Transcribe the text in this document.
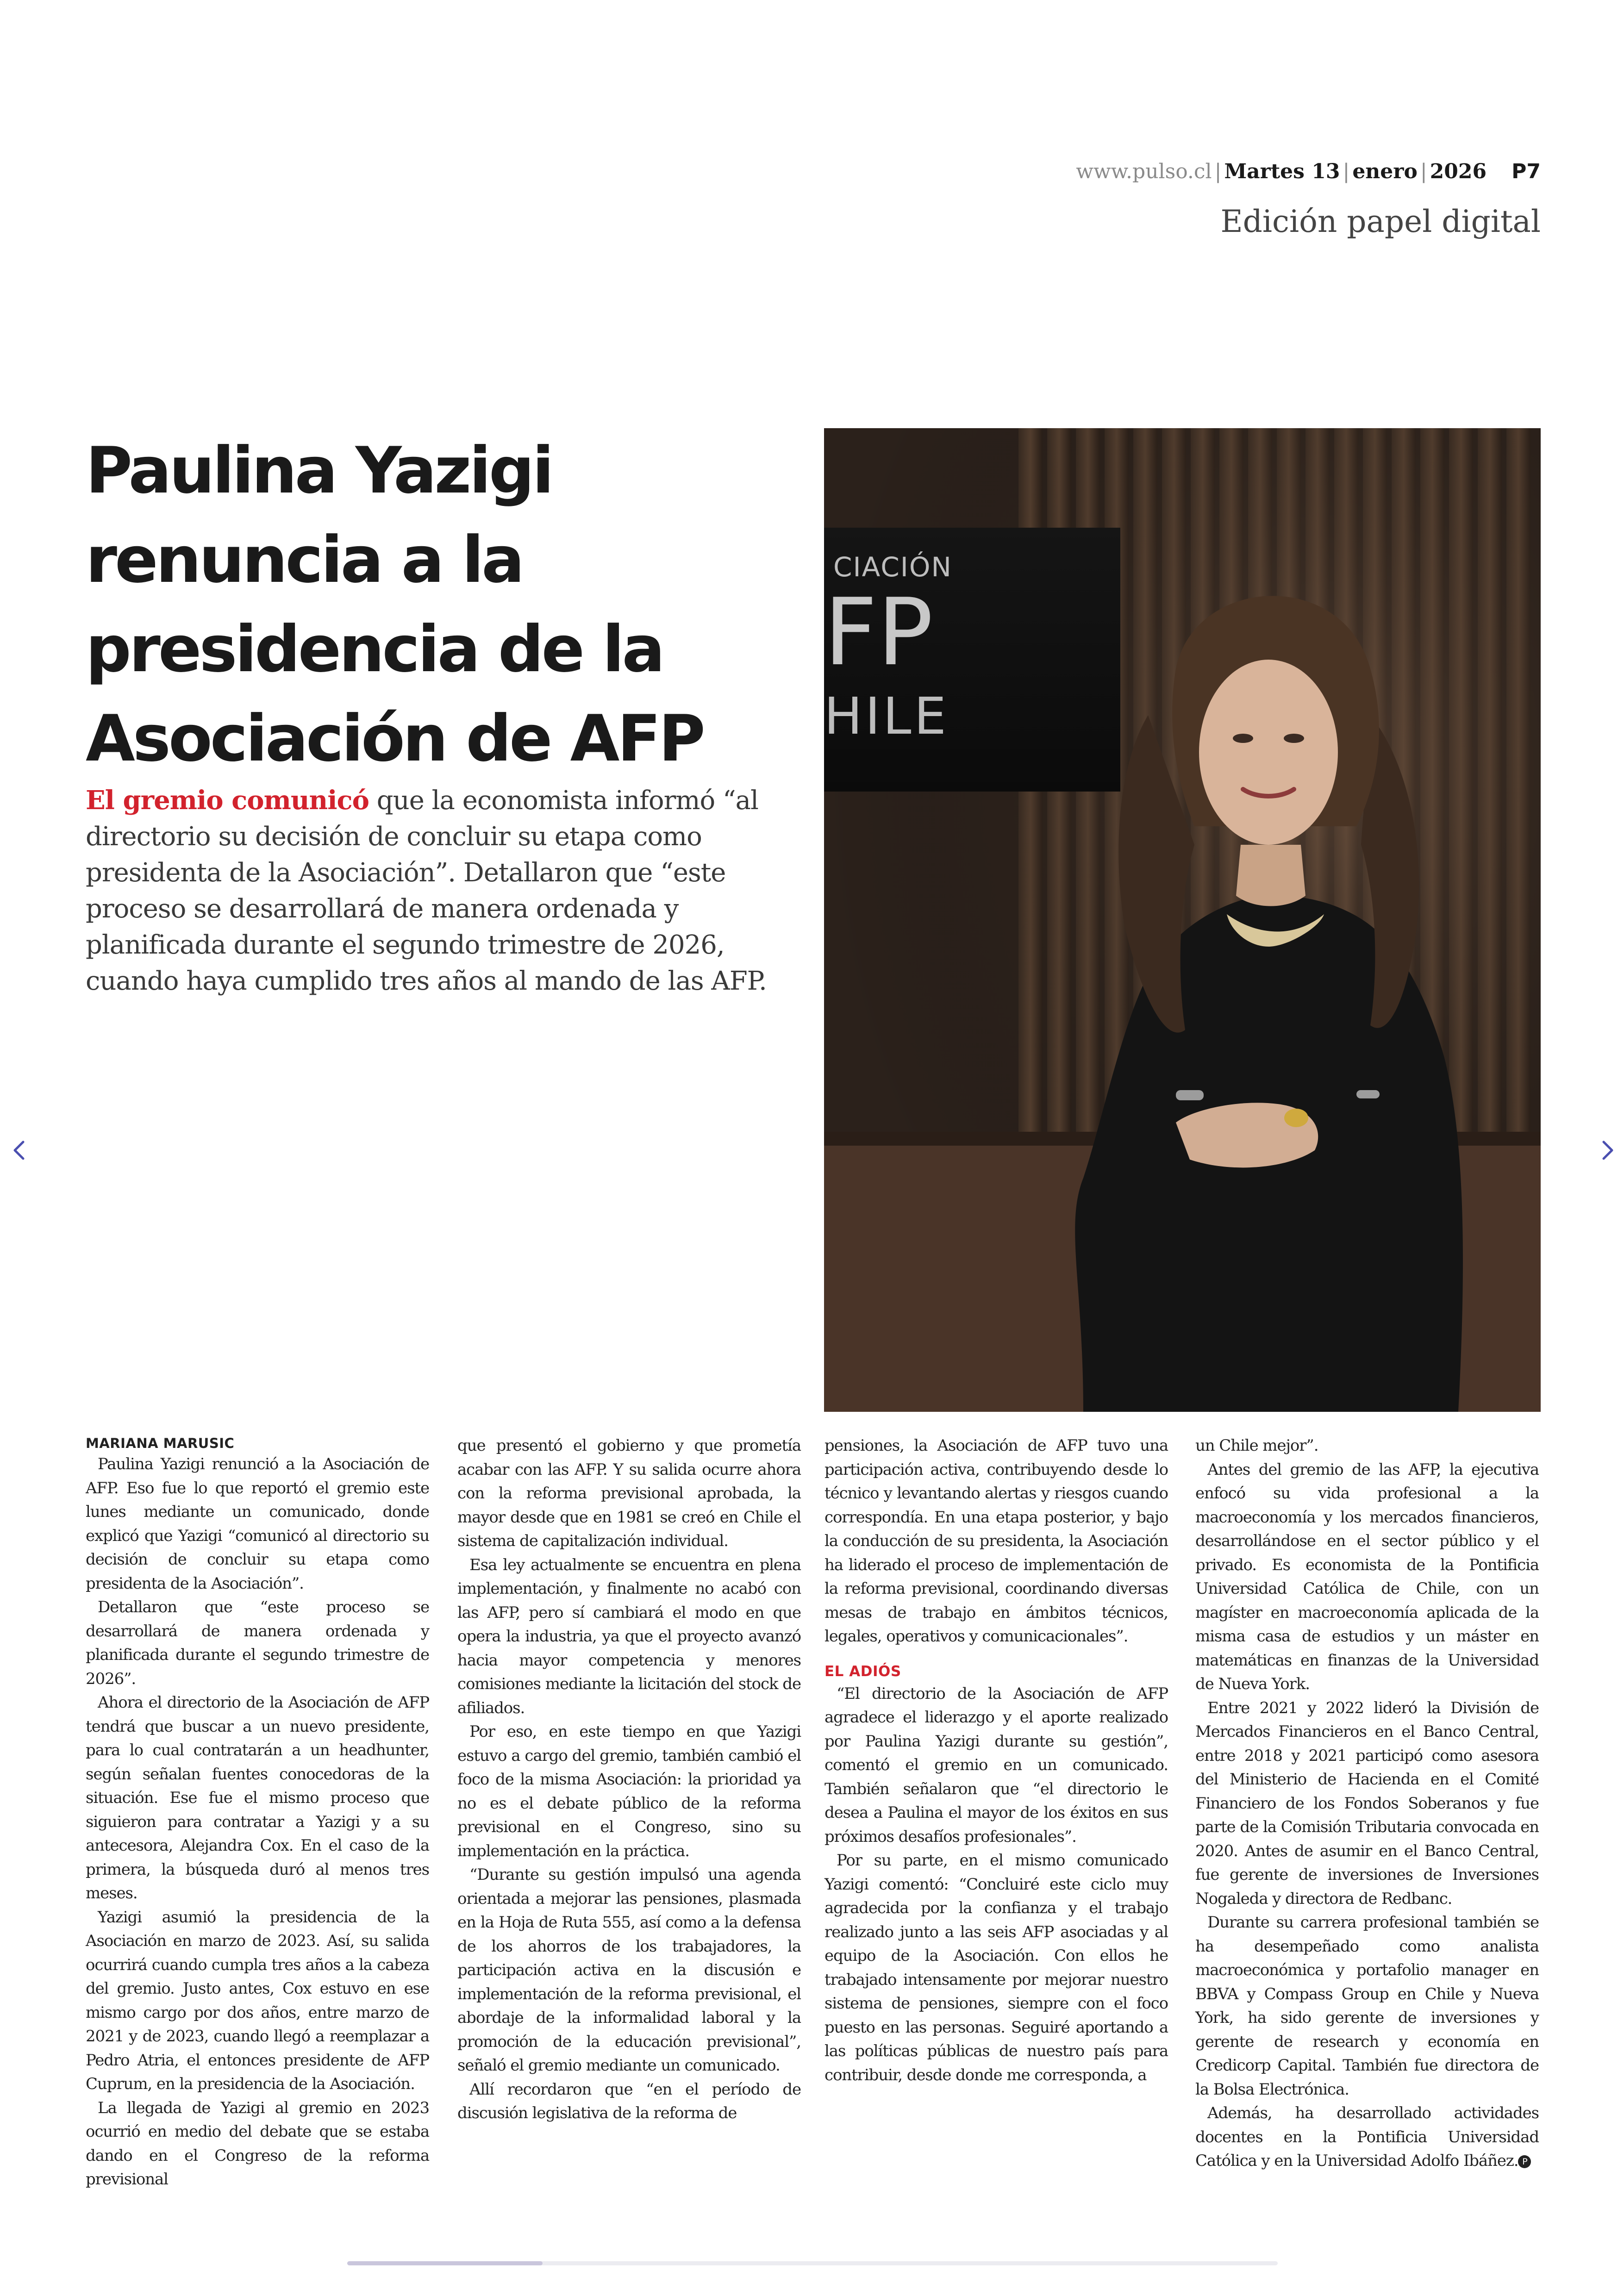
www.pulso.cl | Martes 13 | enero | 2026 P7
Edición papel digital
Paulina Yazigi renuncia a la presidencia de la Asociación de AFP

El gremio comunicó que la economista informó “al directorio su decisión de concluir su etapa como presidenta de la Asociación”. Detallaron que “este proceso se desarrollará de manera ordenada y planificada durante el segundo trimestre de 2026, cuando haya cumplido tres años al mando de las AFP.

CIACIÓN
FP
HILE
MARIANA MARUSIC

Paulina Yazigi renunció a la Asociación de AFP. Eso fue lo que reportó el gremio este lunes mediante un comunicado, donde explicó que Yazigi “comunicó al directorio su decisión de concluir su etapa como presidenta de la Asociación”.

Detallaron que “este proceso se desarrollará de manera ordenada y planificada durante el segundo trimestre de 2026”.

Ahora el directorio de la Asociación de AFP tendrá que buscar a un nuevo presidente, para lo cual contratarán a un headhunter, según señalan fuentes conocedoras de la situación. Ese fue el mismo proceso que siguieron para contratar a Yazigi y a su antecesora, Alejandra Cox. En el caso de la primera, la búsqueda duró al menos tres meses.

Yazigi asumió la presidencia de la Asociación en marzo de 2023. Así, su salida ocurrirá cuando cumpla tres años a la cabeza del gremio. Justo antes, Cox estuvo en ese mismo cargo por dos años, entre marzo de 2021 y de 2023, cuando llegó a reemplazar a Pedro Atria, el entonces presidente de AFP Cuprum, en la presidencia de la Asociación.

La llegada de Yazigi al gremio en 2023 ocurrió en medio del debate que se estaba dando en el Congreso de la reforma previsional

que presentó el gobierno y que prometía acabar con las AFP. Y su salida ocurre ahora con la reforma previsional aprobada, la mayor desde que en 1981 se creó en Chile el sistema de capitalización individual.

Esa ley actualmente se encuentra en plena implementación, y finalmente no acabó con las AFP, pero sí cambiará el modo en que opera la industria, ya que el proyecto avanzó hacia mayor competencia y menores comisiones mediante la licitación del stock de afiliados.

Por eso, en este tiempo en que Yazigi estuvo a cargo del gremio, también cambió el foco de la misma Asociación: la prioridad ya no es el debate público de la reforma previsional en el Congreso, sino su implementación en la práctica.

“Durante su gestión impulsó una agenda orientada a mejorar las pensiones, plasmada en la Hoja de Ruta 555, así como a la defensa de los ahorros de los trabajadores, la participación activa en la discusión e implementación de la reforma previsional, el abordaje de la informalidad laboral y la promoción de la educación previsional”, señaló el gremio mediante un comunicado.

Allí recordaron que “en el período de discusión legislativa de la reforma de

pensiones, la Asociación de AFP tuvo una participación activa, contribuyendo desde lo técnico y levantando alertas y riesgos cuando correspondía. En una etapa posterior, y bajo la conducción de su presidenta, la Asociación ha liderado el proceso de implementación de la reforma previsional, coordinando diversas mesas de trabajo en ámbitos técnicos, legales, operativos y comunicacionales”.

EL ADIÓS

“El directorio de la Asociación de AFP agradece el liderazgo y el aporte realizado por Paulina Yazigi durante su gestión”, comentó el gremio en un comunicado. También señalaron que “el directorio le desea a Paulina el mayor de los éxitos en sus próximos desafíos profesionales”.

Por su parte, en el mismo comunicado Yazigi comentó: “Concluiré este ciclo muy agradecida por la confianza y el trabajo realizado junto a las seis AFP asociadas y al equipo de la Asociación. Con ellos he trabajado intensamente por mejorar nuestro sistema de pensiones, siempre con el foco puesto en las personas. Seguiré aportando a las políticas públicas de nuestro país para contribuir, desde donde me corresponda, a

un Chile mejor”.

Antes del gremio de las AFP, la ejecutiva enfocó su vida profesional a la macroeconomía y los mercados financieros, desarrollándose en el sector público y el privado. Es economista de la Pontificia Universidad Católica de Chile, con un magíster en macroeconomía aplicada de la misma casa de estudios y un máster en matemáticas en finanzas de la Universidad de Nueva York.

Entre 2021 y 2022 lideró la División de Mercados Financieros en el Banco Central, entre 2018 y 2021 participó como asesora del Ministerio de Hacienda en el Comité Financiero de los Fondos Soberanos y fue parte de la Comisión Tributaria convocada en 2020. Antes de asumir en el Banco Central, fue gerente de inversiones de Inversiones Nogaleda y directora de Redbanc.

Durante su carrera profesional también se ha desempeñado como analista macroeconómica y portafolio manager en BBVA y Compass Group en Chile y Nueva York, ha sido gerente de inversiones y gerente de research y economía en Credicorp Capital. También fue directora de la Bolsa Electrónica.

Además, ha desarrollado actividades docentes en la Pontificia Universidad Católica y en la Universidad Adolfo Ibáñez. P
